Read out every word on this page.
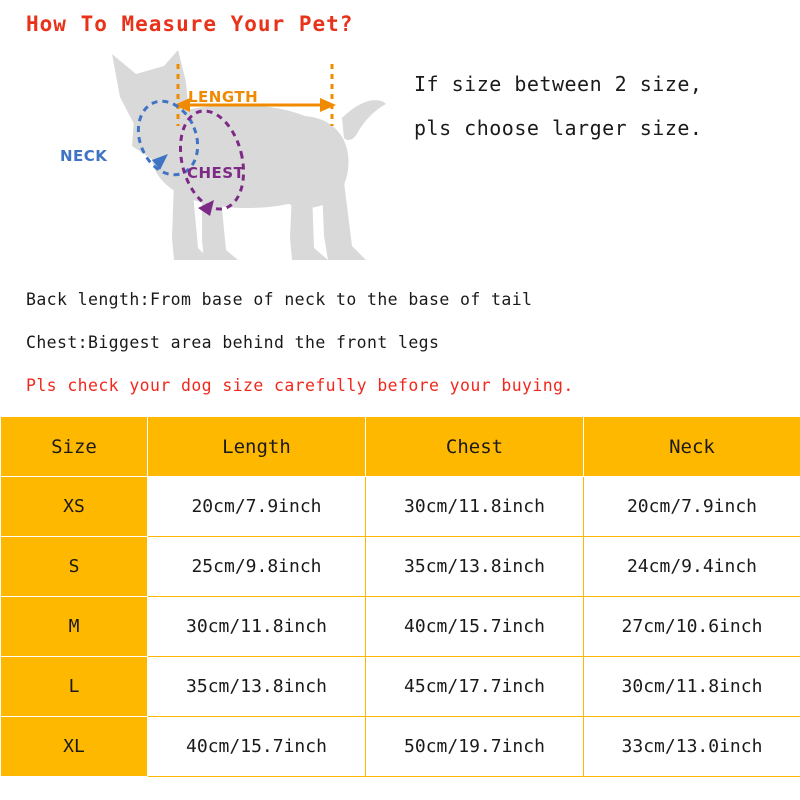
How To Measure Your Pet?
If size between 2 size,
pls choose larger size.
LENGTH
NECK
CHEST
Back length:From base of neck to the base of tail
Chest:Biggest area behind the front legs
Pls check your dog size carefully before your buying.
Size	Length	Chest	Neck
XS	20cm/7.9inch	30cm/11.8inch	20cm/7.9inch
S	25cm/9.8inch	35cm/13.8inch	24cm/9.4inch
M	30cm/11.8inch	40cm/15.7inch	27cm/10.6inch
L	35cm/13.8inch	45cm/17.7inch	30cm/11.8inch
XL	40cm/15.7inch	50cm/19.7inch	33cm/13.0inch
